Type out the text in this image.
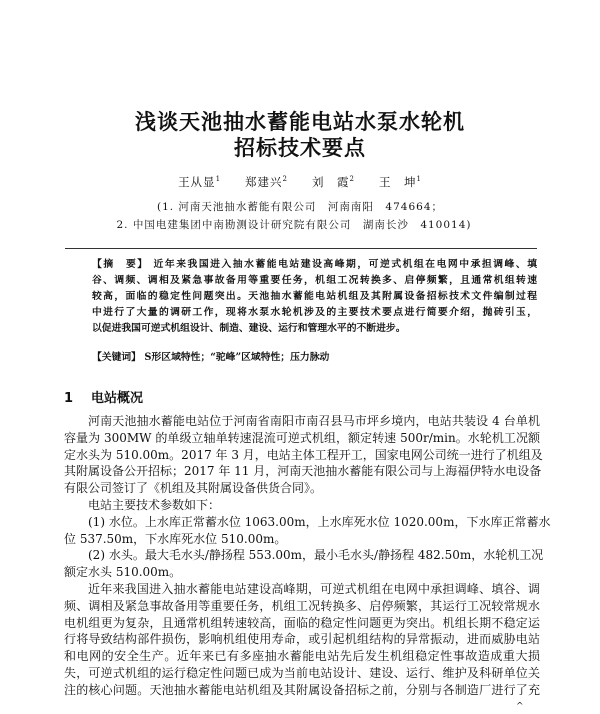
浅谈天池抽水蓄能电站水泵水轮机
招标技术要点
王从显$^1$ 郑建兴$^2$ 刘　霞$^2$ 王　坤$^1$
(1. 河南天池抽水蓄能有限公司　河南南阳　474664；
2. 中国电建集团中南勘测设计研究院有限公司　湖南长沙　410014)
【摘　要】 近年来我国进入抽水蓄能电站建设高峰期，可逆式机组在电网中承担调峰、填
谷、调频、调相及紧急事故备用等重要任务，机组工况转换多、启停频繁，且通常机组转速
较高，面临的稳定性问题突出。天池抽水蓄能电站机组及其附属设备招标技术文件编制过程
中进行了大量的调研工作，现将水泵水轮机涉及的主要技术要点进行简要介绍，抛砖引玉，
以促进我国可逆式机组设计、制造、建设、运行和管理水平的不断进步。
【关键词】 S形区域特性；“驼峰”区域特性；压力脉动
1 电站概况
河南天池抽水蓄能电站位于河南省南阳市南召县马市坪乡境内，电站共装设 4 台单机
容量为 300MW 的单级立轴单转速混流可逆式机组，额定转速 500r/min。水轮机工况额
定水头为 510.00m。2017 年 3 月，电站主体工程开工，国家电网公司统一进行了机组及
其附属设备公开招标；2017 年 11 月，河南天池抽水蓄能有限公司与上海福伊特水电设备
有限公司签订了《机组及其附属设备供货合同》。
电站主要技术参数如下：
(1) 水位。上水库正常蓄水位 1063.00m，上水库死水位 1020.00m，下水库正常蓄水
位 537.50m，下水库死水位 510.00m。
(2) 水头。最大毛水头/静扬程 553.00m，最小毛水头/静扬程 482.50m，水轮机工况
额定水头 510.00m。
近年来我国进入抽水蓄能电站建设高峰期，可逆式机组在电网中承担调峰、填谷、调
频、调相及紧急事故备用等重要任务，机组工况转换多、启停频繁，其运行工况较常规水
电机组更为复杂，且通常机组转速较高，面临的稳定性问题更为突出。机组长期不稳定运
行将导致结构部件损伤，影响机组使用寿命，或引起机组结构的异常振动，进而威胁电站
和电网的安全生产。近年来已有多座抽水蓄能电站先后发生机组稳定性事故造成重大损
失，可逆式机组的运行稳定性问题已成为当前电站设计、建设、运行、维护及科研单位关
注的核心问题。天池抽水蓄能电站机组及其附属设备招标之前，分别与各制造厂进行了充
^
